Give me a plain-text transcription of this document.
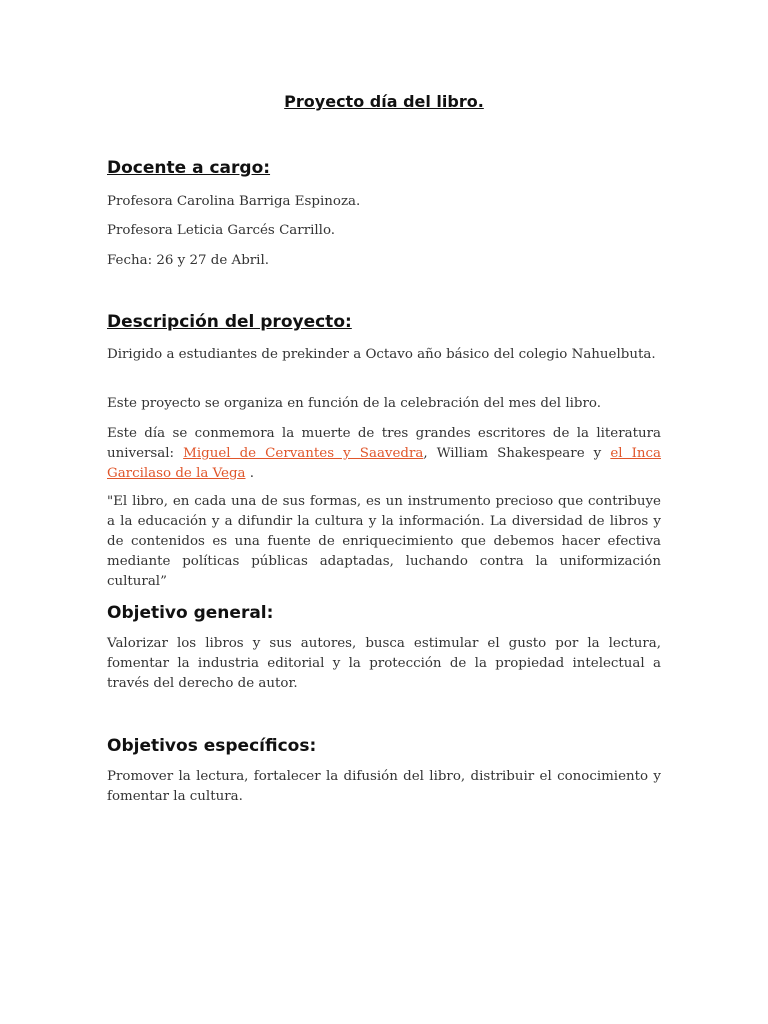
Proyecto día del libro.
Docente a cargo:
Profesora Carolina Barriga Espinoza.
Profesora Leticia Garcés Carrillo.
Fecha: 26 y 27 de Abril.
Descripción del proyecto:
Dirigido a estudiantes de prekinder a Octavo año básico del colegio Nahuelbuta.
Este proyecto se organiza en función de la celebración del mes del libro.
Este día se conmemora la muerte de tres grandes escritores de la literatura universal: Miguel de Cervantes y Saavedra, William Shakespeare y el Inca Garcilaso de la Vega .
"El libro, en cada una de sus formas, es un instrumento precioso que contribuye a la educación y a difundir la cultura y la información. La diversidad de libros y de contenidos es una fuente de enriquecimiento que debemos hacer efectiva mediante políticas públicas adaptadas, luchando contra la uniformización cultural”
Objetivo general:
Valorizar los libros y sus autores, busca estimular el gusto por la lectura, fomentar la industria editorial y la protección de la propiedad intelectual a través del derecho de autor.
Objetivos específicos:
Promover la lectura, fortalecer la difusión del libro, distribuir el conocimiento y fomentar la cultura.
